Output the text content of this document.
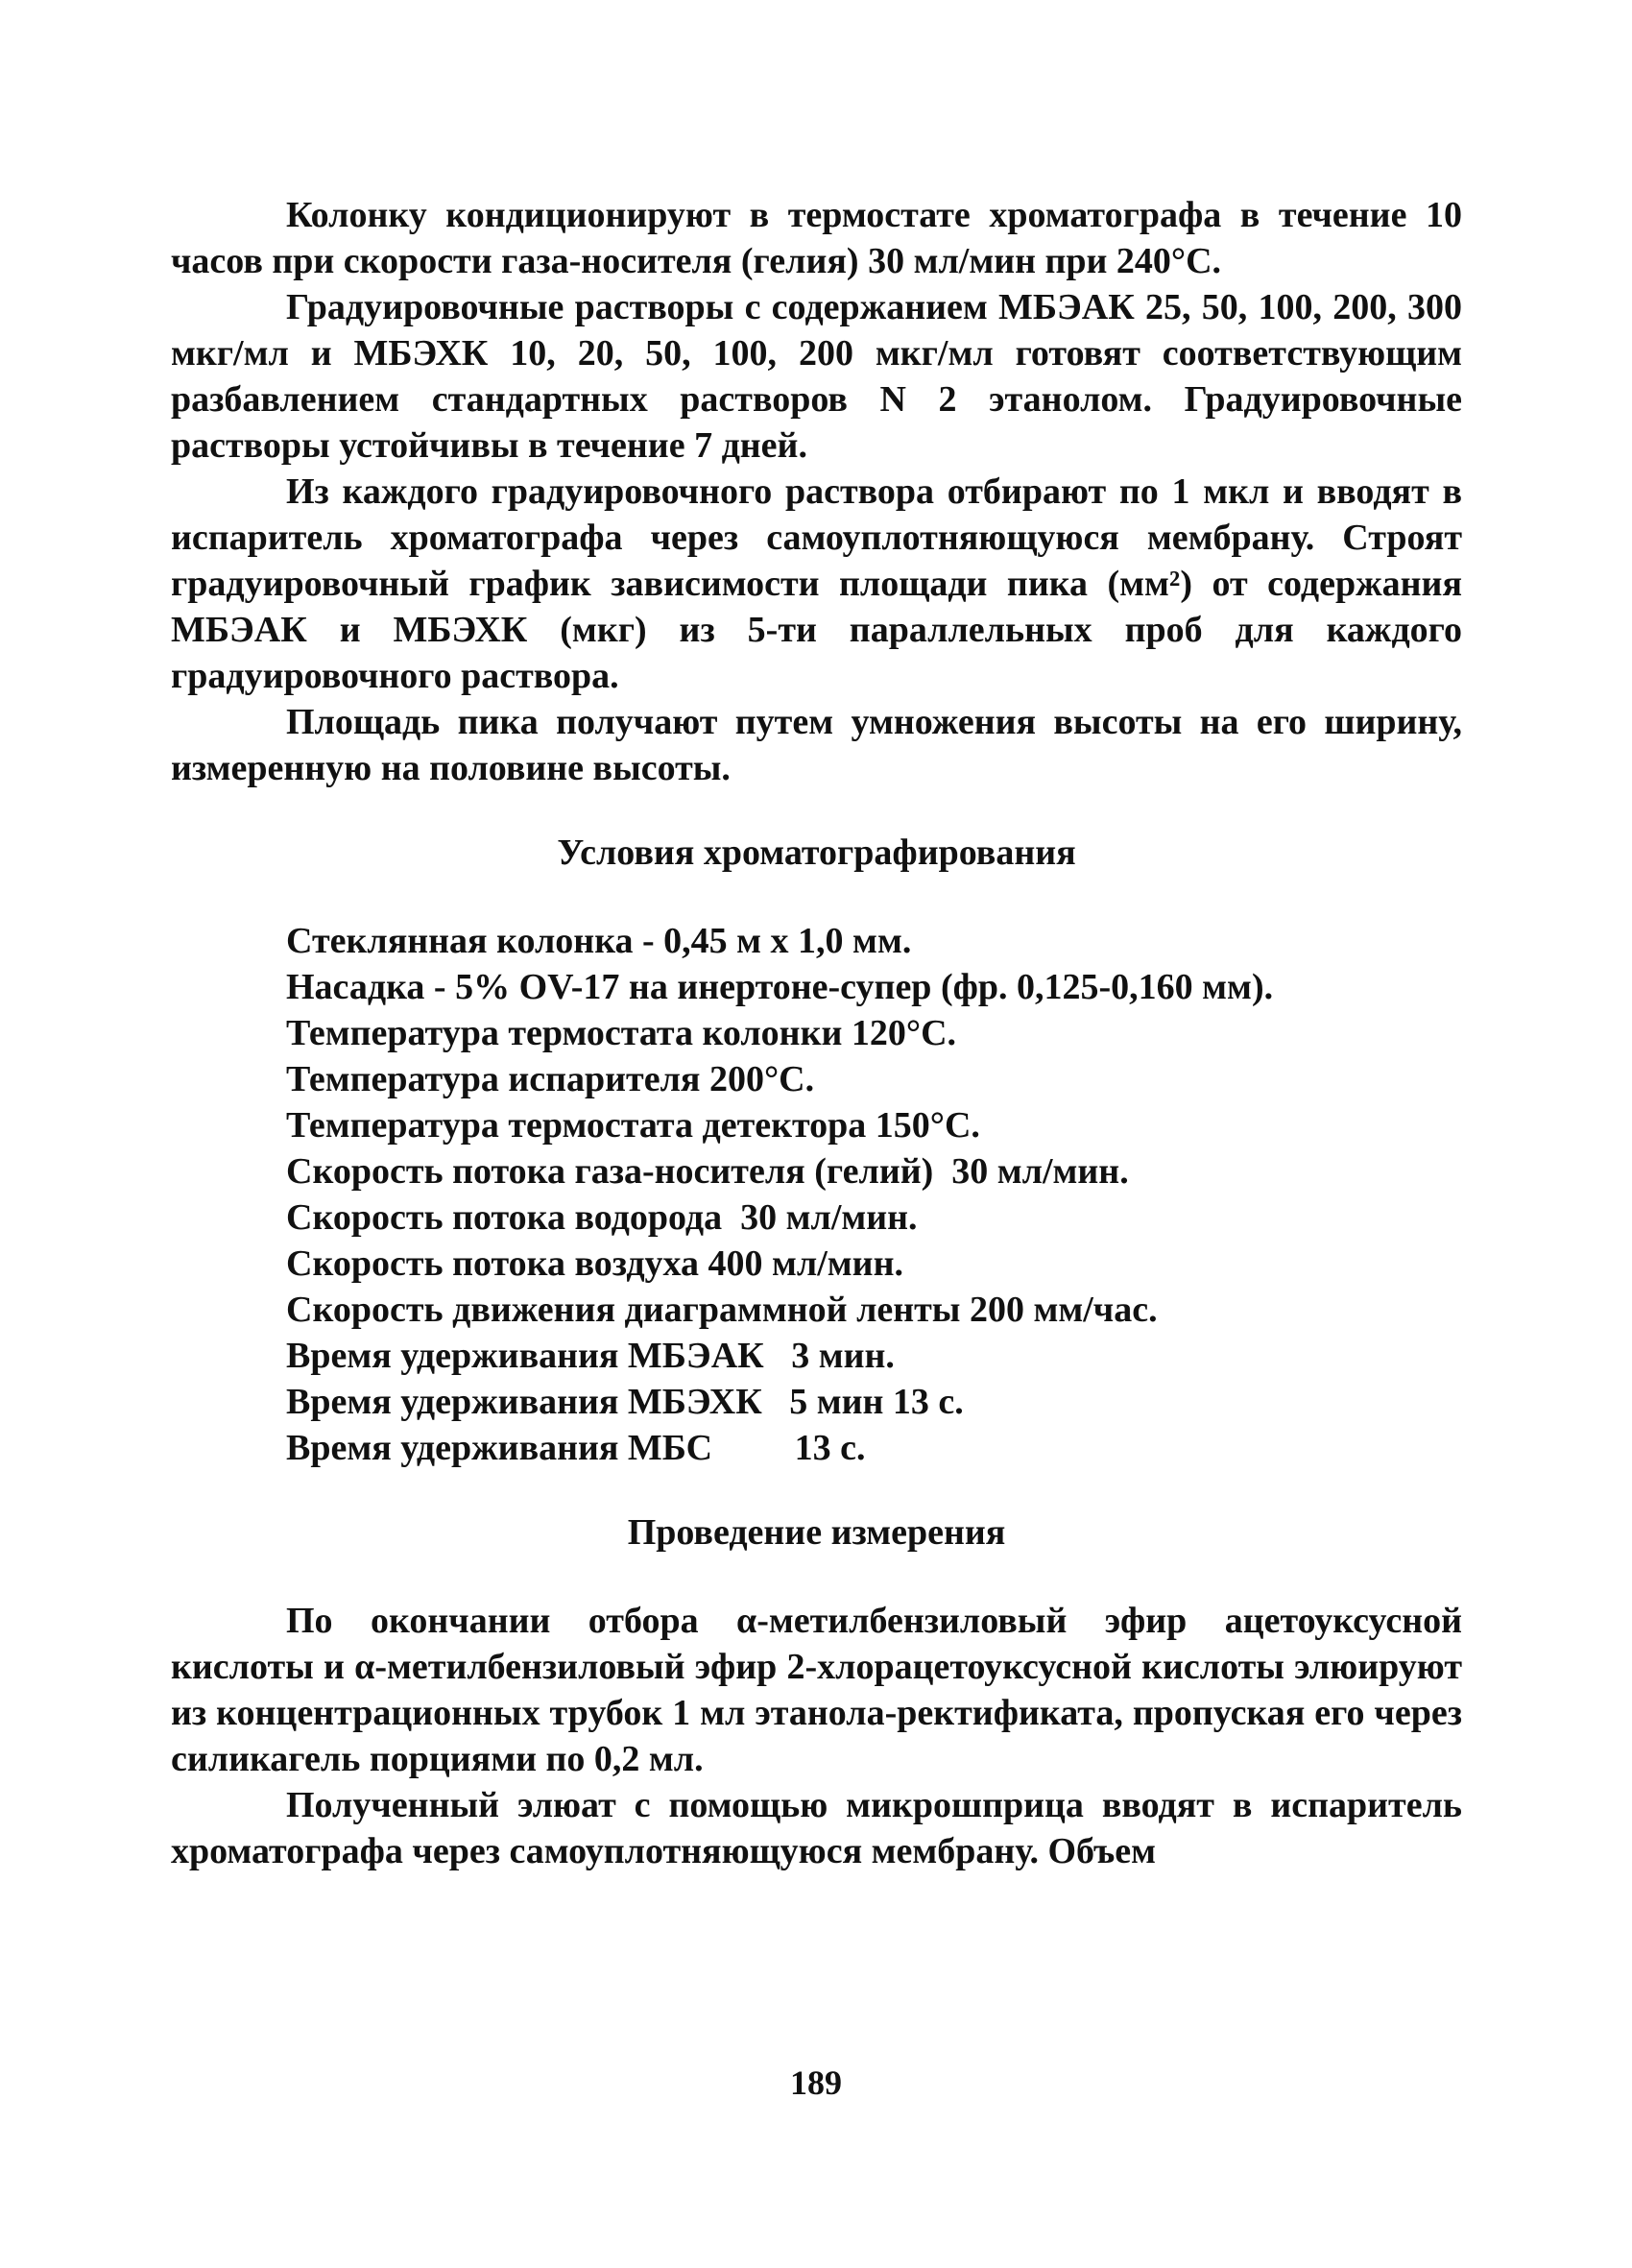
Колонку кондиционируют в термостате хроматографа в течение 10 часов при скорости газа-носителя (гелия) 30 мл/мин при 240°С.

Градуировочные растворы с содержанием МБЭАК 25, 50, 100, 200, 300 мкг/мл и МБЭХК 10, 20, 50, 100, 200 мкг/мл готовят соответствующим разбавлением стандартных растворов N 2 этанолом. Градуировочные растворы устойчивы в течение 7 дней.

Из каждого градуировочного раствора отбирают по 1 мкл и вводят в испаритель хроматографа через самоуплотняющуюся мембрану. Строят градуировочный график зависимости площади пика (мм²) от содержания МБЭАК и МБЭХК (мкг) из 5-ти параллельных проб для каждого градуировочного раствора.

Площадь пика получают путем умножения высоты на его ширину, измеренную на половине высоты.

Условия хроматографирования
Стеклянная колонка - 0,45 м х 1,0 мм.
Насадка - 5% OV-17 на инертоне-супер (фр. 0,125-0,160 мм).
Температура термостата колонки 120°С.
Температура испарителя 200°С.
Температура термостата детектора 150°С.
Скорость потока газа-носителя (гелий)  30 мл/мин.
Скорость потока водорода  30 мл/мин.
Скорость потока воздуха 400 мл/мин.
Скорость движения диаграммной ленты 200 мм/час.
Время удерживания МБЭАК   3 мин.
Время удерживания МБЭХК   5 мин 13 с.
Время удерживания МБС         13 с.
Проведение измерения

По окончании отбора α-метилбензиловый эфир ацетоуксусной кислоты и α-метилбензиловый эфир 2-хлорацетоуксусной кислоты элюируют из концентрационных трубок 1 мл этанола-ректификата, пропуская его через силикагель порциями по 0,2 мл.

Полученный элюат с помощью микрошприца вводят в испаритель хроматографа через самоуплотняющуюся мембрану. Объем

189
